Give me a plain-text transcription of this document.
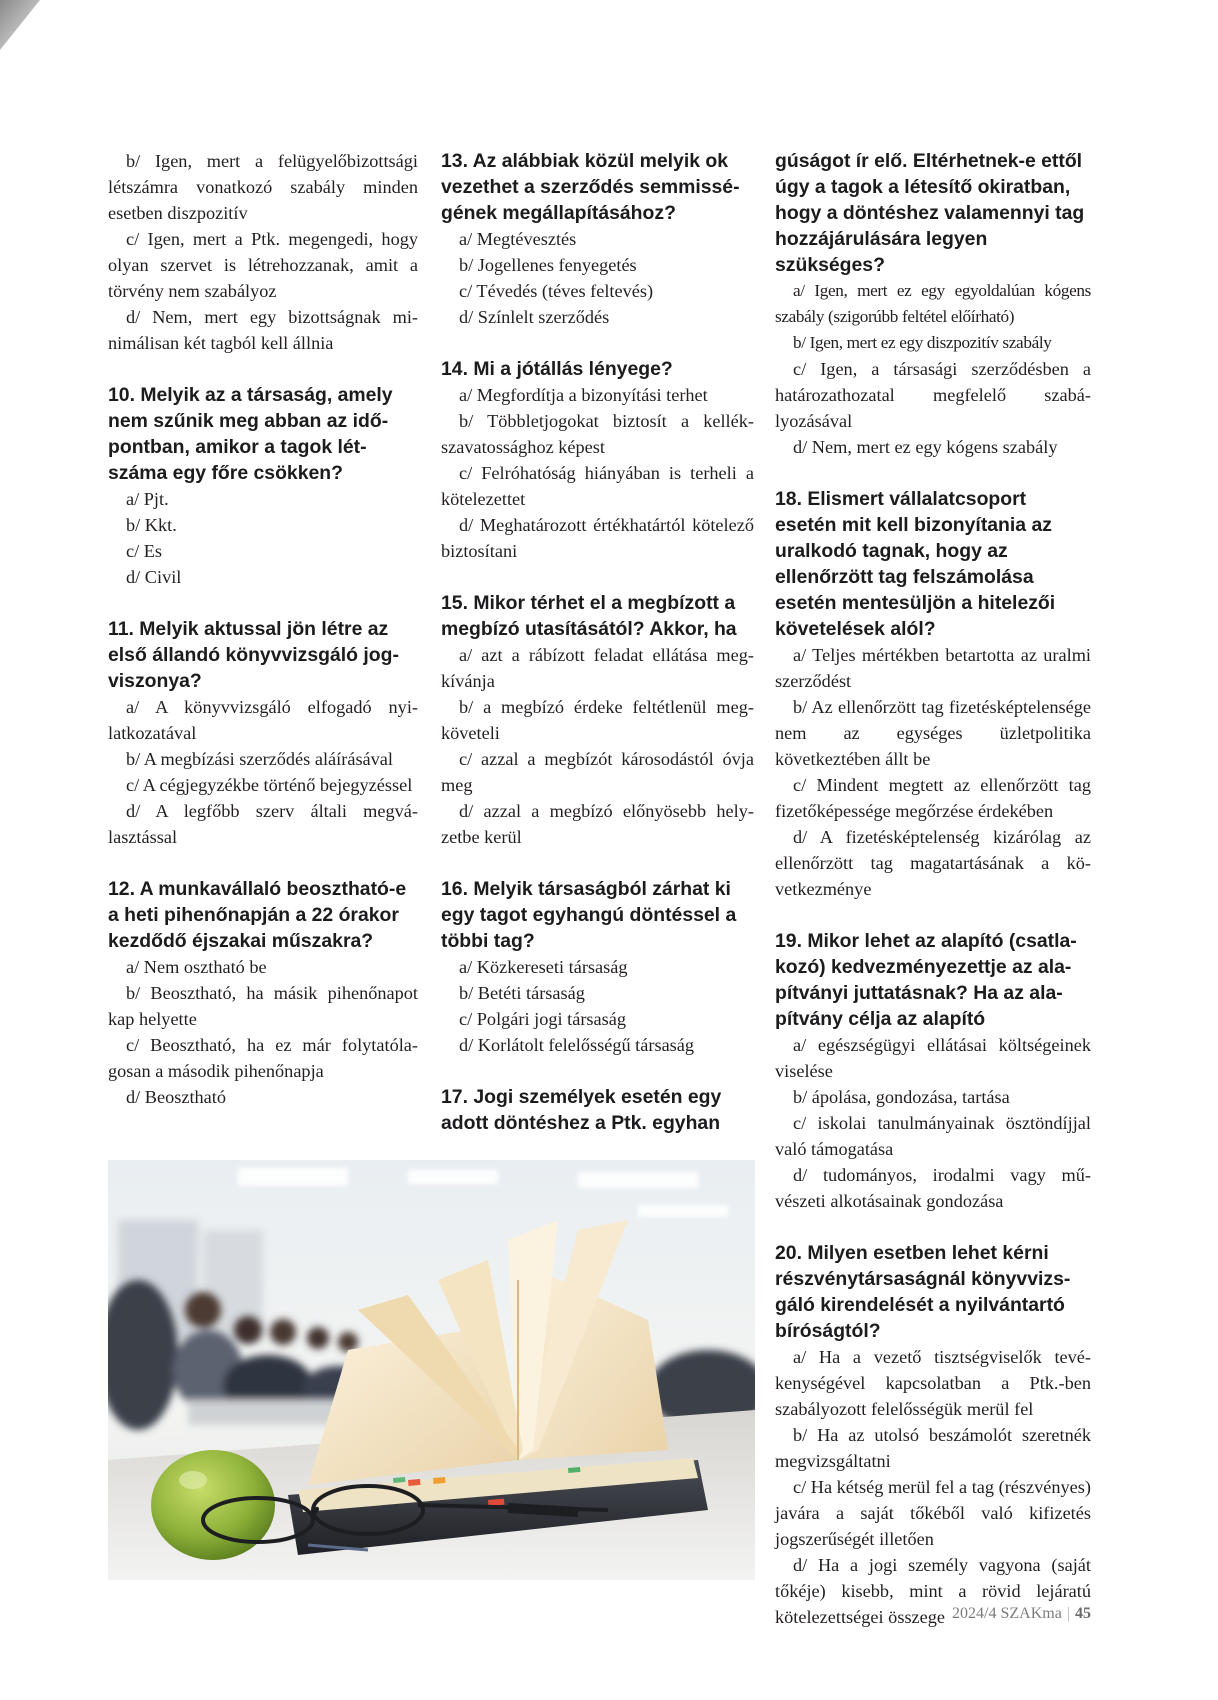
b/ Igen, mert a felügyelőbizottsági létszámra vonatkozó szabály minden esetben diszpozitív

c/ Igen, mert a Ptk. megengedi, hogy olyan szervet is létrehozzanak, amit a törvény nem szabályoz

d/ Nem, mert egy bizottságnak minimálisan két tagból kell állnia

10. Melyik az a társaság, amely nem szűnik meg abban az időpontban, amikor a tagok létszáma egy főre csökken?

a/ Pjt.

b/ Kkt.

c/ Es

d/ Civil

11. Melyik aktussal jön létre az első állandó könyvvizsgáló jogviszonya?

a/ A könyvvizsgáló elfogadó nyilatkozatával

b/ A megbízási szerződés aláírásával

c/ A cégjegyzékbe történő bejegyzéssel

d/ A legfőbb szerv általi megválasztással

12. A munkavállaló beosztható-e a heti pihenőnapján a 22 órakor kezdődő éjszakai műszakra?

a/ Nem osztható be

b/ Beosztható, ha másik pihenőnapot kap helyette

c/ Beosztható, ha ez már folytatólagosan a második pihenőnapja

d/ Beosztható

13. Az alábbiak közül melyik ok vezethet a szerződés semmisségének megállapításához?

a/ Megtévesztés

b/ Jogellenes fenyegetés

c/ Tévedés (téves feltevés)

d/ Színlelt szerződés

14. Mi a jótállás lényege?

a/ Megfordítja a bizonyítási terhet

b/ Többletjogokat biztosít a kellékszavatossághoz képest

c/ Felróhatóság hiányában is terheli a kötelezettet

d/ Meghatározott értékhatártól kötelező biztosítani

15. Mikor térhet el a megbízott a megbízó utasításától? Akkor, ha

a/ azt a rábízott feladat ellátása megkívánja

b/ a megbízó érdeke feltétlenül megköveteli

c/ azzal a megbízót károsodástól óvja meg

d/ azzal a megbízó előnyösebb helyzetbe kerül

16. Melyik társaságból zárhat ki egy tagot egyhangú döntéssel a többi tag?

a/ Közkereseti társaság

b/ Betéti társaság

c/ Polgári jogi társaság

d/ Korlátolt felelősségű társaság

17. Jogi személyek esetén egy adott döntéshez a Ptk. egyhan
gúságot ír elő. Eltérhetnek-e ettől úgy a tagok a létesítő okiratban, hogy a döntéshez valamennyi tag hozzájárulására legyen szükséges?

a/ Igen, mert ez egy egyoldalúan kógens szabály (szigorúbb feltétel előírható)

b/ Igen, mert ez egy diszpozitív szabály

c/ Igen, a társasági szerződésben a határozathozatal megfelelő szabályozásával

d/ Nem, mert ez egy kógens szabály

18. Elismert vállalatcsoport esetén mit kell bizonyítania az uralkodó tagnak, hogy az ellenőrzött tag felszámolása esetén mentesüljön a hitelezői követelések alól?

a/ Teljes mértékben betartotta az uralmi szerződést

b/ Az ellenőrzött tag fizetésképtelensége nem az egységes üzletpolitika következtében állt be

c/ Mindent megtett az ellenőrzött tag fizetőképessége megőrzése érdekében

d/ A fizetésképtelenség kizárólag az ellenőrzött tag magatartásának a következménye

19. Mikor lehet az alapító (csatlakozó) kedvezményezettje az alapítványi juttatásnak? Ha az alapítvány célja az alapító

a/ egészségügyi ellátásai költségeinek viselése

b/ ápolása, gondozása, tartása

c/ iskolai tanulmányainak ösztöndíjjal való támogatása

d/ tudományos, irodalmi vagy művészeti alkotásainak gondozása

20. Milyen esetben lehet kérni részvénytársaságnál könyvvizsgáló kirendelését a nyilvántartó bíróságtól?

a/ Ha a vezető tisztségviselők tevékenységével kapcsolatban a Ptk.-ben szabályozott felelősségük merül fel

b/ Ha az utolsó beszámolót szeretnék megvizsgáltatni

c/ Ha kétség merül fel a tag (részvényes) javára a saját tőkéből való kifizetés jogszerűségét illetően

d/ Ha a jogi személy vagyona (saját tőkéje) kisebb, mint a rövid lejáratú kötelezettségei összege 2024/4 SZAKma | 45
